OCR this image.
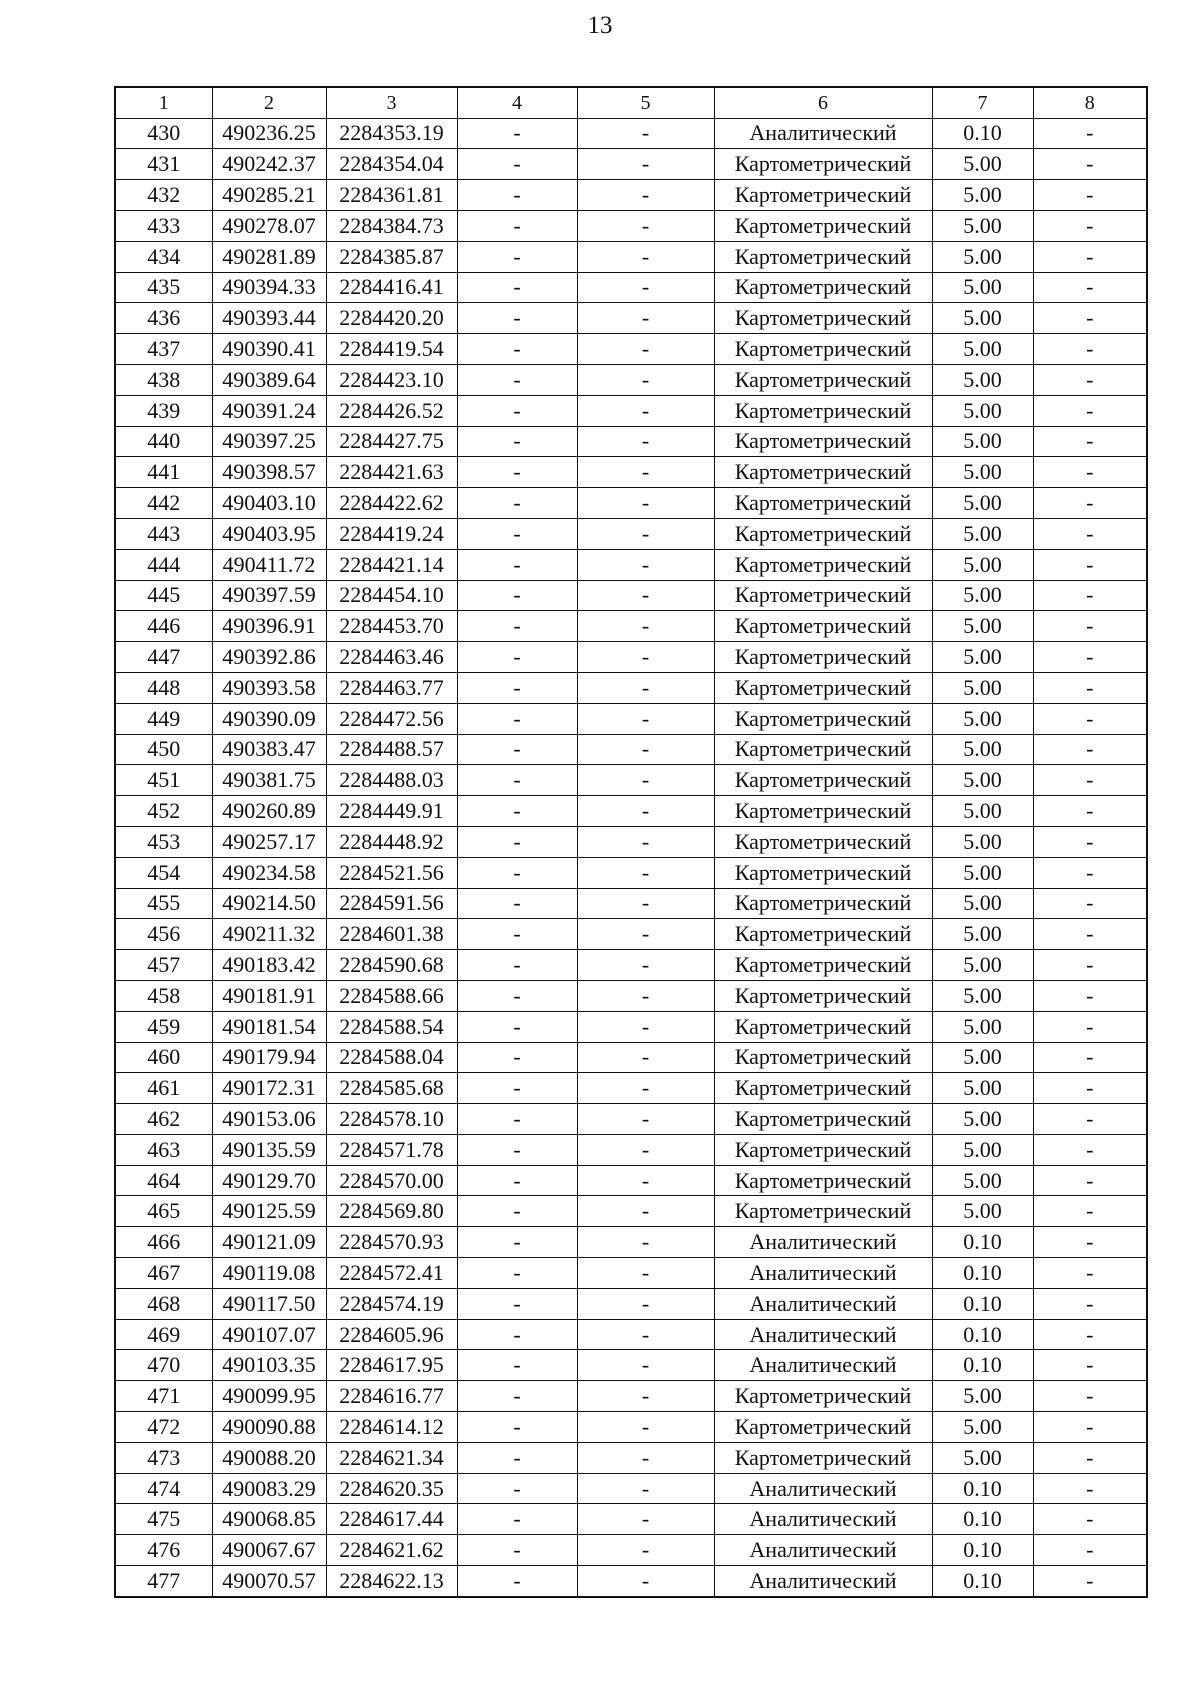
13
1	2	3	4	5	6	7	8
430	490236.25	2284353.19	-	-	Аналитический	0.10	-
431	490242.37	2284354.04	-	-	Картометрический	5.00	-
432	490285.21	2284361.81	-	-	Картометрический	5.00	-
433	490278.07	2284384.73	-	-	Картометрический	5.00	-
434	490281.89	2284385.87	-	-	Картометрический	5.00	-
435	490394.33	2284416.41	-	-	Картометрический	5.00	-
436	490393.44	2284420.20	-	-	Картометрический	5.00	-
437	490390.41	2284419.54	-	-	Картометрический	5.00	-
438	490389.64	2284423.10	-	-	Картометрический	5.00	-
439	490391.24	2284426.52	-	-	Картометрический	5.00	-
440	490397.25	2284427.75	-	-	Картометрический	5.00	-
441	490398.57	2284421.63	-	-	Картометрический	5.00	-
442	490403.10	2284422.62	-	-	Картометрический	5.00	-
443	490403.95	2284419.24	-	-	Картометрический	5.00	-
444	490411.72	2284421.14	-	-	Картометрический	5.00	-
445	490397.59	2284454.10	-	-	Картометрический	5.00	-
446	490396.91	2284453.70	-	-	Картометрический	5.00	-
447	490392.86	2284463.46	-	-	Картометрический	5.00	-
448	490393.58	2284463.77	-	-	Картометрический	5.00	-
449	490390.09	2284472.56	-	-	Картометрический	5.00	-
450	490383.47	2284488.57	-	-	Картометрический	5.00	-
451	490381.75	2284488.03	-	-	Картометрический	5.00	-
452	490260.89	2284449.91	-	-	Картометрический	5.00	-
453	490257.17	2284448.92	-	-	Картометрический	5.00	-
454	490234.58	2284521.56	-	-	Картометрический	5.00	-
455	490214.50	2284591.56	-	-	Картометрический	5.00	-
456	490211.32	2284601.38	-	-	Картометрический	5.00	-
457	490183.42	2284590.68	-	-	Картометрический	5.00	-
458	490181.91	2284588.66	-	-	Картометрический	5.00	-
459	490181.54	2284588.54	-	-	Картометрический	5.00	-
460	490179.94	2284588.04	-	-	Картометрический	5.00	-
461	490172.31	2284585.68	-	-	Картометрический	5.00	-
462	490153.06	2284578.10	-	-	Картометрический	5.00	-
463	490135.59	2284571.78	-	-	Картометрический	5.00	-
464	490129.70	2284570.00	-	-	Картометрический	5.00	-
465	490125.59	2284569.80	-	-	Картометрический	5.00	-
466	490121.09	2284570.93	-	-	Аналитический	0.10	-
467	490119.08	2284572.41	-	-	Аналитический	0.10	-
468	490117.50	2284574.19	-	-	Аналитический	0.10	-
469	490107.07	2284605.96	-	-	Аналитический	0.10	-
470	490103.35	2284617.95	-	-	Аналитический	0.10	-
471	490099.95	2284616.77	-	-	Картометрический	5.00	-
472	490090.88	2284614.12	-	-	Картометрический	5.00	-
473	490088.20	2284621.34	-	-	Картометрический	5.00	-
474	490083.29	2284620.35	-	-	Аналитический	0.10	-
475	490068.85	2284617.44	-	-	Аналитический	0.10	-
476	490067.67	2284621.62	-	-	Аналитический	0.10	-
477	490070.57	2284622.13	-	-	Аналитический	0.10	-
